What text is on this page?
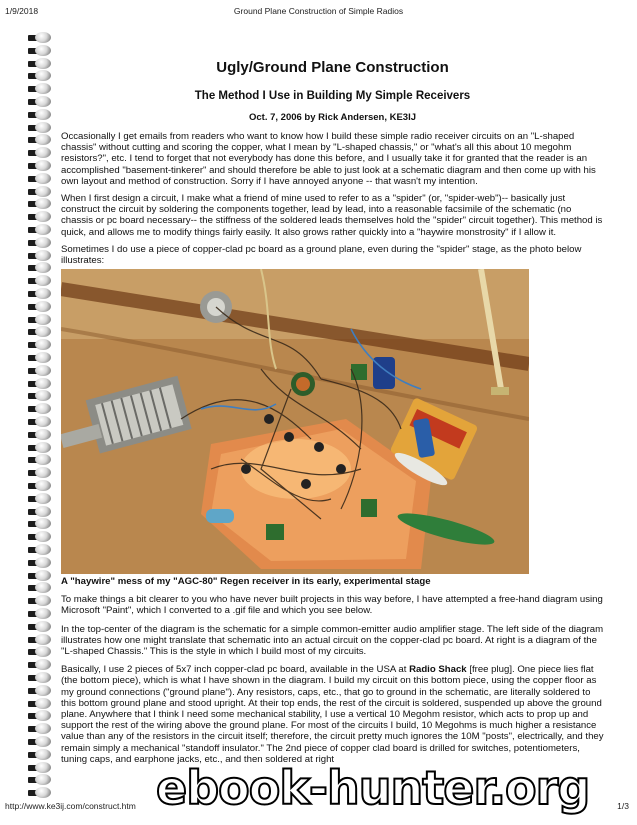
1/9/2018	Ground Plane Construction of Simple Radios
Ugly/Ground Plane Construction
The Method I Use in Building My Simple Receivers
Oct. 7, 2006 by Rick Andersen, KE3IJ

Occasionally I get emails from readers who want to know how I build these simple radio receiver circuits on an "L-shaped chassis" without cutting and scoring the copper, what I mean by "L-shaped chassis," or "what's all this about 10 megohm resistors?", etc. I tend to forget that not everybody has done this before, and I usually take it for granted that the reader is an accomplished "basement-tinkerer" and should therefore be able to just look at a schematic diagram and then come up with his own layout and method of construction. Sorry if I have annoyed anyone -- that wasn't my intention.

When I first design a circuit, I make what a friend of mine used to refer to as a "spider" (or, "spider-web")-- basically just construct the circuit by soldering the components together, lead by lead, into a reasonable facsimile of the schematic (no chassis or pc board necessary-- the stiffness of the soldered leads themselves hold the "spider" circuit together). This method is quick, and allows me to modify things fairly easily. It also grows rather quickly into a "haywire monstrosity" if I allow it.

Sometimes I do use a piece of copper-clad pc board as a ground plane, even during the "spider" stage, as the photo below illustrates:

A "haywire" mess of my "AGC-80" Regen receiver in its early, experimental stage

To make things a bit clearer to you who have never built projects in this way before, I have attempted a free-hand diagram using Microsoft "Paint", which I converted to a .gif file and which you see below.

In the top-center of the diagram is the schematic for a simple common-emitter audio amplifier stage. The left side of the diagram illustrates how one might translate that schematic into an actual circuit on the copper-clad pc board. At right is a diagram of the "L-shaped Chassis." This is the style in which I build most of my circuits.

Basically, I use 2 pieces of 5x7 inch copper-clad pc board, available in the USA at Radio Shack [free plug]. One piece lies flat (the bottom piece), which is what I have shown in the diagram. I build my circuit on this bottom piece, using the copper floor as my ground connections ("ground plane"). Any resistors, caps, etc., that go to ground in the schematic, are literally soldered to this bottom ground plane and stood upright. At their top ends, the rest of the circuit is soldered, suspended up above the ground plane. Anywhere that I think I need some mechanical stability, I use a vertical 10 Megohm resistor, which acts to prop up and support the rest of the wiring above the ground plane. For most of the circuits I build, 10 Megohms is much higher a resistance value than any of the resistors in the circuit itself; therefore, the circuit pretty much ignores the 10M "posts", electrically, and they remain simply a mechanical "standoff insulator." The 2nd piece of copper clad board is drilled for switches, potentiometers, tuning caps, and earphone jacks, etc., and then soldered at right

ebook-hunter.org
http://www.ke3ij.com/construct.htm	1/3
